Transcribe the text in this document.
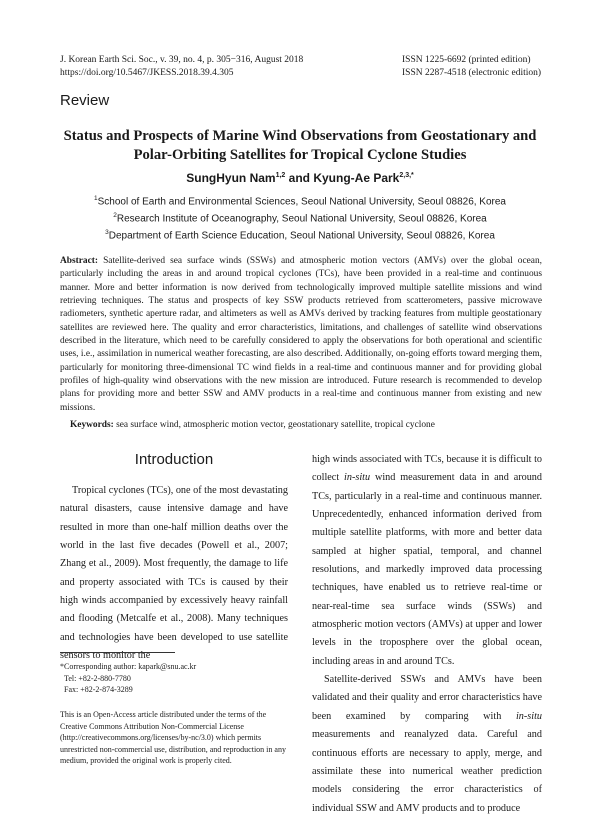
J. Korean Earth Sci. Soc., v. 39, no. 4, p. 305−316, August 2018
https://doi.org/10.5467/JKESS.2018.39.4.305
ISSN 1225-6692 (printed edition)
ISSN 2287-4518 (electronic edition)
Review
Status and Prospects of Marine Wind Observations from Geostationary and
Polar-Orbiting Satellites for Tropical Cyclone Studies
SungHyun Nam$^{1,2}$ and Kyung-Ae Park$^{2,3,*}$
$^1$School of Earth and Environmental Sciences, Seoul National University, Seoul 08826, Korea
$^2$Research Institute of Oceanography, Seoul National University, Seoul 08826, Korea
$^3$Department of Earth Science Education, Seoul National University, Seoul 08826, Korea
Abstract: Satellite-derived sea surface winds (SSWs) and atmospheric motion vectors (AMVs) over the global ocean, particularly including the areas in and around tropical cyclones (TCs), have been provided in a real-time and continuous manner. More and better information is now derived from technologically improved multiple satellite missions and wind retrieving techniques. The status and prospects of key SSW products retrieved from scatterometers, passive microwave radiometers, synthetic aperture radar, and altimeters as well as AMVs derived by tracking features from multiple geostationary satellites are reviewed here. The quality and error characteristics, limitations, and challenges of satellite wind observations described in the literature, which need to be carefully considered to apply the observations for both operational and scientific uses, i.e., assimilation in numerical weather forecasting, are also described. Additionally, on-going efforts toward merging them, particularly for monitoring three-dimensional TC wind fields in a real-time and continuous manner and for providing global profiles of high-quality wind observations with the new mission are introduced. Future research is recommended to develop plans for providing more and better SSW and AMV products in a real-time and continuous manner from existing and new missions.
Keywords: sea surface wind, atmospheric motion vector, geostationary satellite, tropical cyclone
Introduction
Tropical cyclones (TCs), one of the most devastating natural disasters, cause intensive damage and have resulted in more than one-half million deaths over the world in the last five decades (Powell et al., 2007; Zhang et al., 2009). Most frequently, the damage to life and property associated with TCs is caused by their high winds accompanied by excessively heavy rainfall and flooding (Metcalfe et al., 2008). Many techniques and technologies have been developed to use satellite sensors to monitor the
high winds associated with TCs, because it is difficult to collect in-situ wind measurement data in and around TCs, particularly in a real-time and continuous manner. Unprecedentedly, enhanced information derived from multiple satellite platforms, with more and better data sampled at higher spatial, temporal, and channel resolutions, and markedly improved data processing techniques, have enabled us to retrieve real-time or near-real-time sea surface winds (SSWs) and atmospheric motion vectors (AMVs) at upper and lower levels in the troposphere over the global ocean, including areas in and around TCs.
Satellite-derived SSWs and AMVs have been validated and their quality and error characteristics have been examined by comparing with in-situ measurements and reanalyzed data. Careful and continuous efforts are necessary to apply, merge, and assimilate these into numerical weather prediction models considering the error characteristics of individual SSW and AMV products and to produce
*Corresponding author: kapark@snu.ac.kr
Tel: +82-2-880-7780
Fax: +82-2-874-3289
This is an Open-Access article distributed under the terms of the Creative Commons Attribution Non-Commercial License (http://creativecommons.org/licenses/by-nc/3.0) which permits unrestricted non-commercial use, distribution, and reproduction in any medium, provided the original work is properly cited.
